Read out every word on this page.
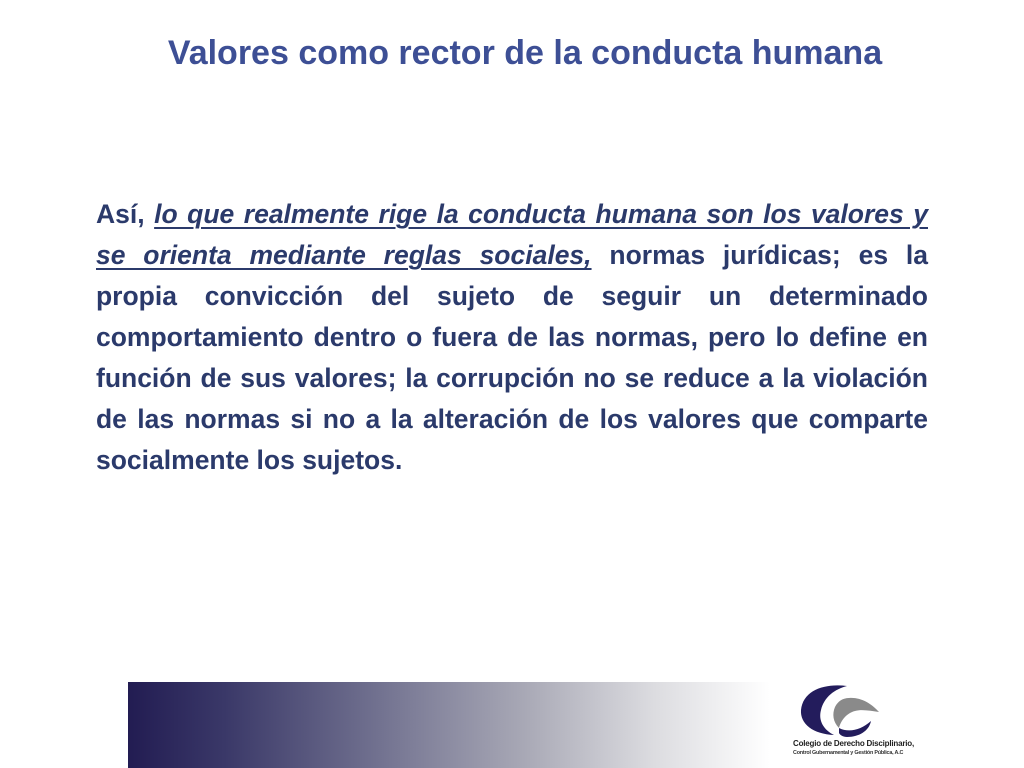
Valores como rector de la conducta humana

Así, lo que realmente rige la conducta humana son los valores y se orienta mediante reglas sociales, normas jurídicas; es la propia convicción del sujeto de seguir un determinado comportamiento dentro o fuera de las normas, pero lo define en función de sus valores; la corrupción no se reduce a la violación de las normas si no a la alteración de los valores que comparte socialmente los sujetos.

Colegio de Derecho Disciplinario,
Control Gubernamental y Gestión Pública, A.C
